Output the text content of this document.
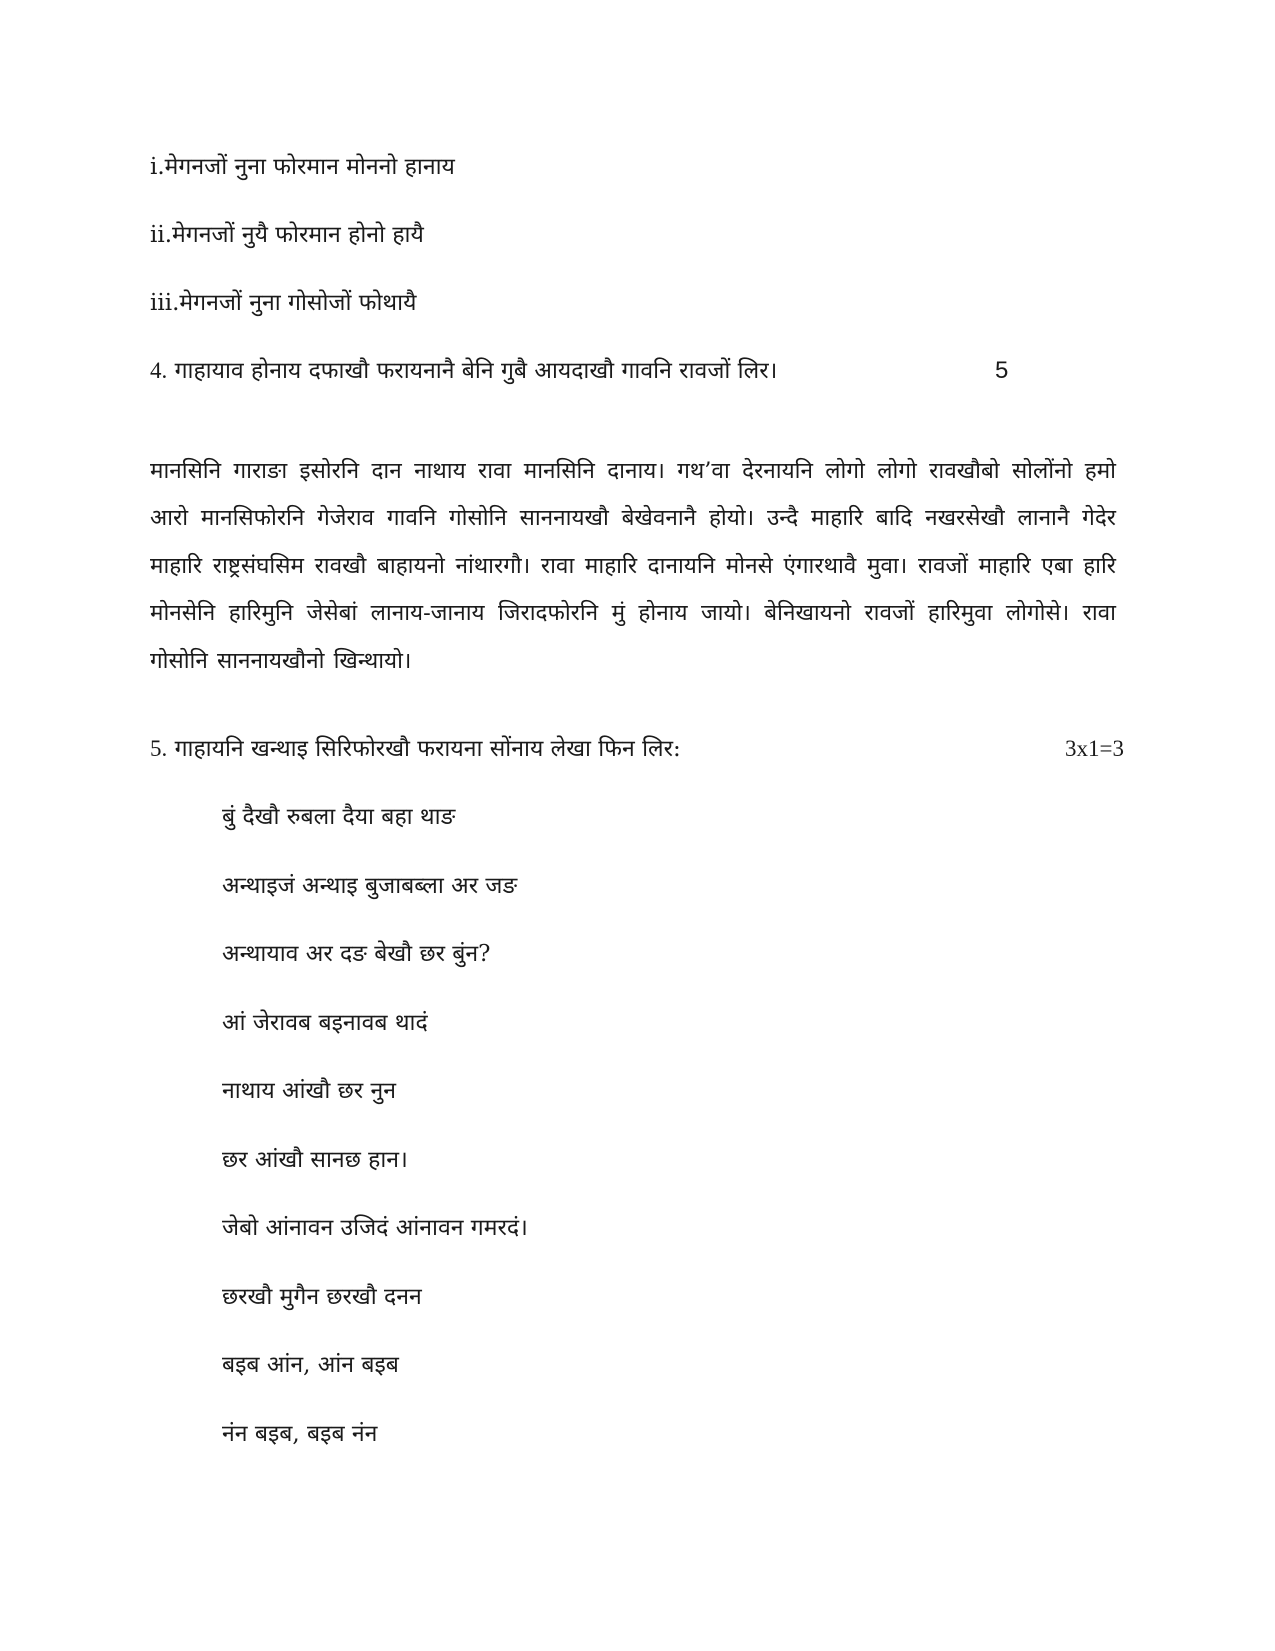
i.मेगनजों नुना फोरमान मोननो हानाय
ii.मेगनजों नुयै फोरमान होनो हायै
iii.मेगनजों नुना गोसोजों फोथायै
4. गाहायाव होनाय दफाखौ फरायनानै बेनि गुबै आयदाखौ गावनि रावजों लिर।	5

मानसिनि गाराङा इसोरनि दान नाथाय रावा मानसिनि दानाय। गथ’वा देरनायनि लोगो लोगो रावखौबो सोलोंनो हमो आरो मानसिफोरनि गेजेराव गावनि गोसोनि साननायखौ बेखेवनानै होयो। उन्दै माहारि बादि नखरसेखौ लानानै गेदेर माहारि राष्ट्रसंघसिम रावखौ बाहायनो नांथारगौ। रावा माहारि दानायनि मोनसे एंगारथावै मुवा। रावजों माहारि एबा हारि मोनसेनि हारिमुनि जेसेबां लानाय-जानाय जिरादफोरनि मुं होनाय जायो। बेनिखायनो रावजों हारिमुवा लोगोसे। रावा गोसोनि साननायखौनो खिन्थायो।

5. गाहायनि खन्थाइ सिरिफोरखौ फरायना सोंनाय लेखा फिन लिर:	3x1=3
बुं दैखौ रुबला दैया बहा थाङ
अन्थाइजं अन्थाइ बुजाबब्ला अर जङ
अन्थायाव अर दङ बेखौ छर बुंन?
आं जेरावब बइनावब थादं
नाथाय आंखौ छर नुन
छर आंखौ सानछ हान।
जेबो आंनावन उजिदं आंनावन गमरदं।
छरखौ मुगैन छरखौ दनन
बइब आंन, आंन बइब
नंन बइब, बइब नंन
